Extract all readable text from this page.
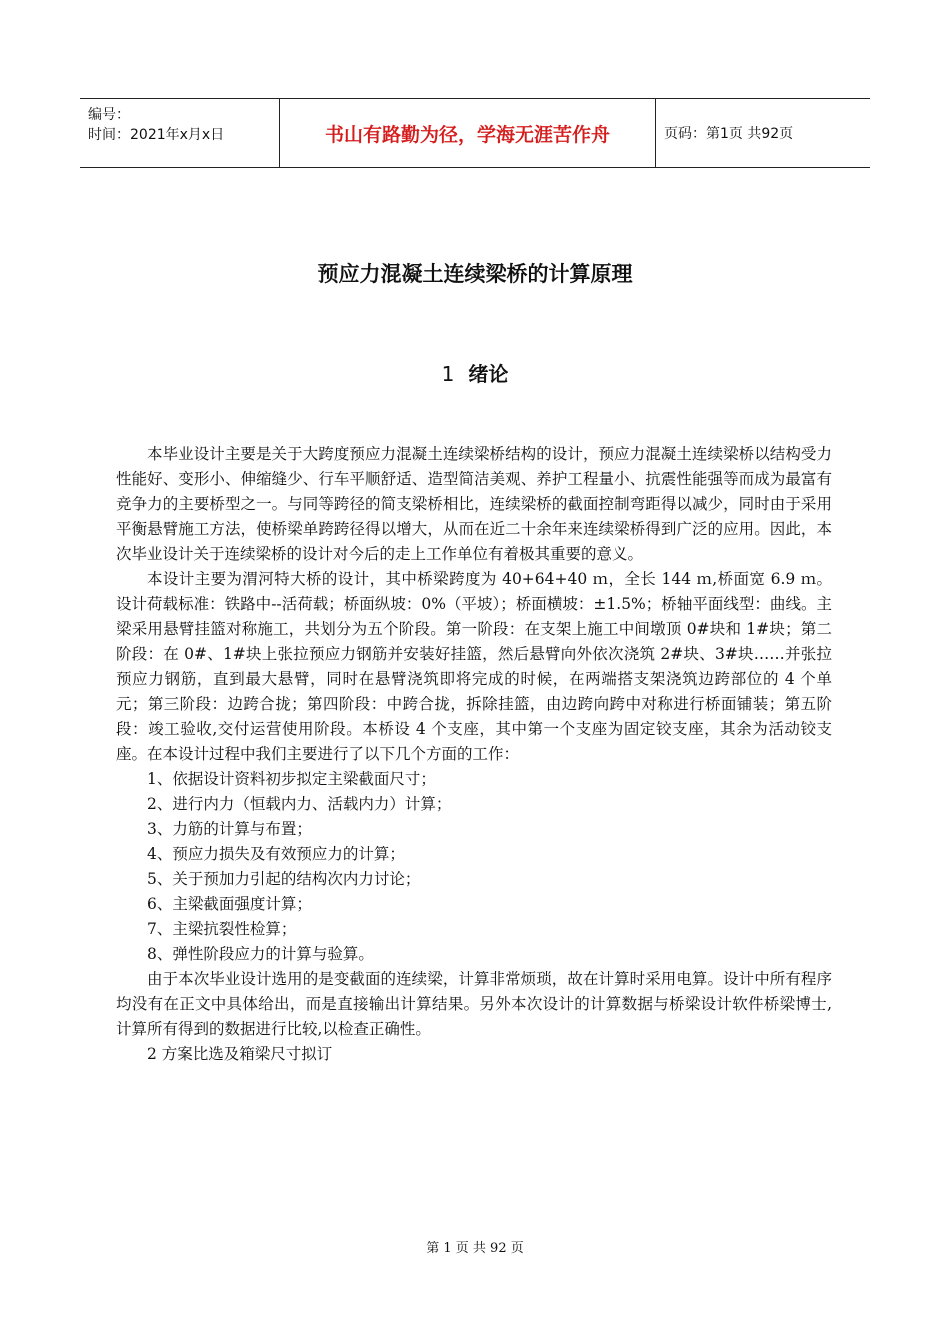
编号：
时间：2021年x月x日	书山有路勤为径，学海无涯苦作舟	页码：第1页 共92页
预应力混凝土连续梁桥的计算原理
1 绪论

本毕业设计主要是关于大跨度预应力混凝土连续梁桥结构的设计，预应力混凝土连续梁桥以结构受力性能好、变形小、伸缩缝少、行车平顺舒适、造型简洁美观、养护工程量小、抗震性能强等而成为最富有竞争力的主要桥型之一。与同等跨径的简支梁桥相比，连续梁桥的截面控制弯距得以减少，同时由于采用平衡悬臂施工方法，使桥梁单跨跨径得以增大，从而在近二十余年来连续梁桥得到广泛的应用。因此，本次毕业设计关于连续梁桥的设计对今后的走上工作单位有着极其重要的意义。

本设计主要为渭河特大桥的设计，其中桥梁跨度为 40+64+40 ｍ，全长 144 ｍ,桥面宽 6.9 ｍ。设计荷载标准：铁路中--活荷载；桥面纵坡：0%（平坡）；桥面横坡：±1.5%；桥轴平面线型：曲线。主梁采用悬臂挂篮对称施工，共划分为五个阶段。第一阶段：在支架上施工中间墩顶 0#块和 1#块；第二阶段：在 0#、1#块上张拉预应力钢筋并安装好挂篮，然后悬臂向外依次浇筑 2#块、3#块……并张拉预应力钢筋，直到最大悬臂，同时在悬臂浇筑即将完成的时候，在两端搭支架浇筑边跨部位的 4 个单元；第三阶段：边跨合拢；第四阶段：中跨合拢，拆除挂篮，由边跨向跨中对称进行桥面铺装；第五阶段：竣工验收,交付运营使用阶段。本桥设 4 个支座，其中第一个支座为固定铰支座，其余为活动铰支座。在本设计过程中我们主要进行了以下几个方面的工作：

1、依据设计资料初步拟定主梁截面尺寸；

2、进行内力（恒载内力、活载内力）计算；

3、力筋的计算与布置；

4、预应力损失及有效预应力的计算；

5、关于预加力引起的结构次内力讨论；

6、主梁截面强度计算；

7、主梁抗裂性检算；

8、弹性阶段应力的计算与验算。

由于本次毕业设计选用的是变截面的连续梁，计算非常烦琐，故在计算时采用电算。设计中所有程序均没有在正文中具体给出，而是直接输出计算结果。另外本次设计的计算数据与桥梁设计软件桥梁博士,计算所有得到的数据进行比较,以检查正确性。

2 方案比选及箱梁尺寸拟订

第 1 页 共 92 页
